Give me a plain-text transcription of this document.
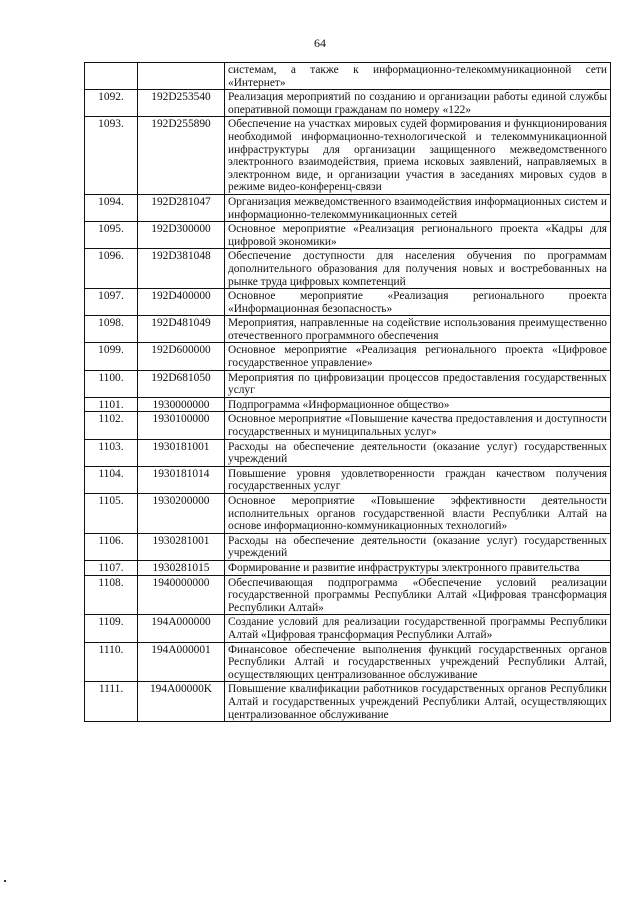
64
		системам, а также к информационно-телекоммуникационной сети «Интернет»
1092.	192D253540	Реализация мероприятий по созданию и организации работы единой службы оперативной помощи гражданам по номеру «122»
1093.	192D255890	Обеспечение на участках мировых судей формирования и функционирования необходимой информационно-технологической и телекоммуникационной инфраструктуры для организации защищенного межведомственного электронного взаимодействия, приема исковых заявлений, направляемых в электронном виде, и организации участия в заседаниях мировых судов в режиме видео-конференц-связи
1094.	192D281047	Организация межведомственного взаимодействия информационных систем и информационно-телекоммуникационных сетей
1095.	192D300000	Основное мероприятие «Реализация регионального проекта «Кадры для цифровой экономики»
1096.	192D381048	Обеспечение доступности для населения обучения по программам дополнительного образования для получения новых и востребованных на рынке труда цифровых компетенций
1097.	192D400000	Основное мероприятие «Реализация регионального проекта «Информационная безопасность»
1098.	192D481049	Мероприятия, направленные на содействие использования преимущественно отечественного программного обеспечения
1099.	192D600000	Основное мероприятие «Реализация регионального проекта «Цифровое государственное управление»
1100.	192D681050	Мероприятия по цифровизации процессов предоставления государственных услуг
1101.	1930000000	Подпрограмма «Информационное общество»
1102.	1930100000	Основное мероприятие «Повышение качества предоставления и доступности государственных и муниципальных услуг»
1103.	1930181001	Расходы на обеспечение деятельности (оказание услуг) государственных учреждений
1104.	1930181014	Повышение уровня удовлетворенности граждан качеством получения государственных услуг
1105.	1930200000	Основное мероприятие «Повышение эффективности деятельности исполнительных органов государственной власти Республики Алтай на основе информационно-коммуникационных технологий»
1106.	1930281001	Расходы на обеспечение деятельности (оказание услуг) государственных учреждений
1107.	1930281015	Формирование и развитие инфраструктуры электронного правительства
1108.	1940000000	Обеспечивающая подпрограмма «Обеспечение условий реализации государственной программы Республики Алтай «Цифровая трансформация Республики Алтай»
1109.	194A000000	Создание условий для реализации государственной программы Республики Алтай «Цифровая трансформация Республики Алтай»
1110.	194A000001	Финансовое обеспечение выполнения функций государственных органов Республики Алтай и государственных учреждений Республики Алтай, осуществляющих централизованное обслуживание
1111.	194A00000K	Повышение квалификации работников государственных органов Республики Алтай и государственных учреждений Республики Алтай, осуществляющих централизованное обслуживание
